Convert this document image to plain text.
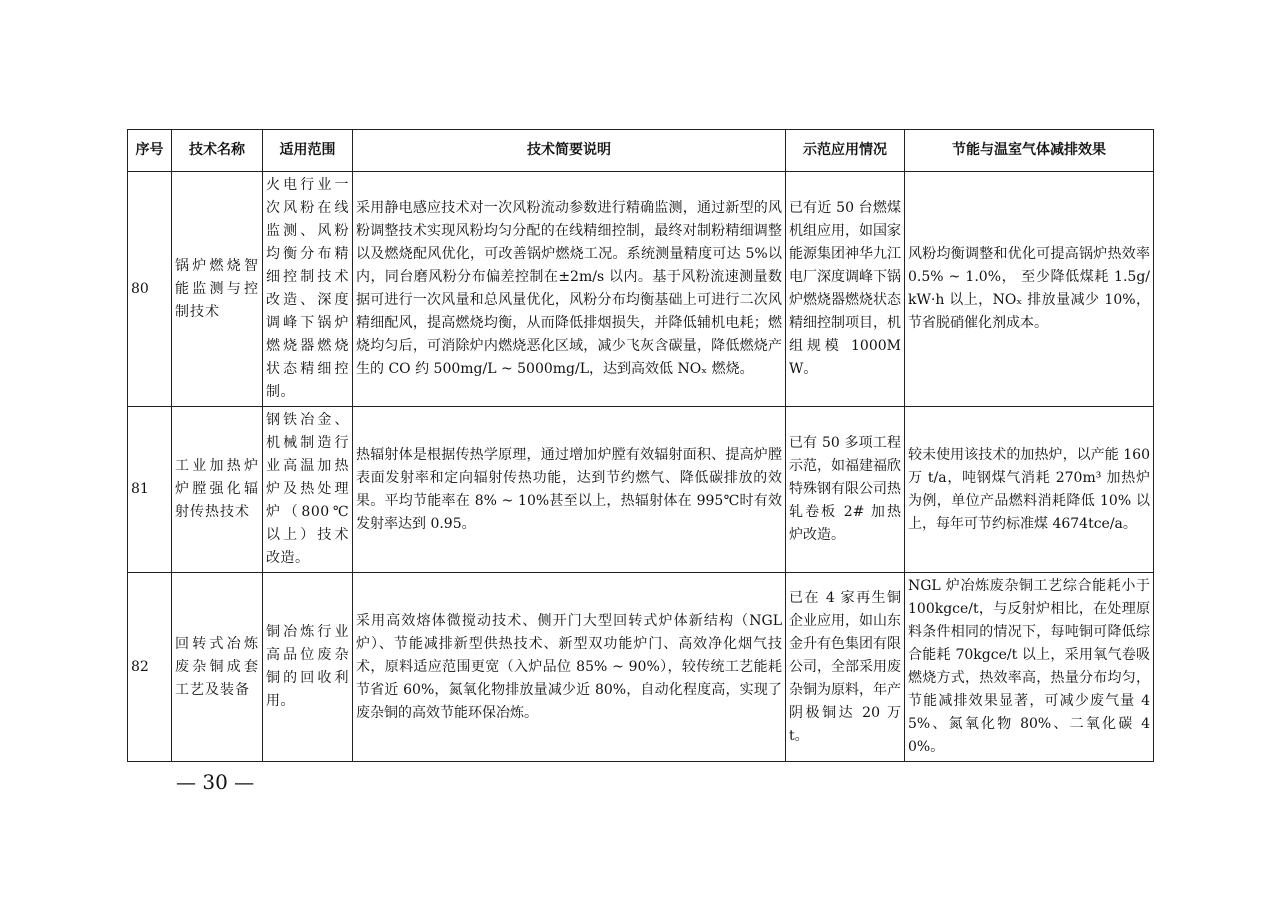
序号	技术名称	适用范围	技术简要说明	示范应用情况	节能与温室气体减排效果
80	锅炉燃烧智能监测与控制技术	火电行业一次风粉在线监测、风粉均衡分布精细控制技术改造、深度调峰下锅炉燃烧器燃烧状态精细控制。	采用静电感应技术对一次风粉流动参数进行精确监测，通过新型的风粉调整技术实现风粉均匀分配的在线精细控制，最终对制粉精细调整以及燃烧配风优化，可改善锅炉燃烧工况。系统测量精度可达 5%以内，同台磨风粉分布偏差控制在±2m/s 以内。基于风粉流速测量数据可进行一次风量和总风量优化，风粉分布均衡基础上可进行二次风精细配风，提高燃烧均衡，从而降低排烟损失，并降低辅机电耗；燃烧均匀后，可消除炉内燃烧恶化区域，减少飞灰含碳量，降低燃烧产生的 CO 约 500mg/L ~ 5000mg/L，达到高效低 NOₓ 燃烧。	已有近 50 台燃煤机组应用，如国家能源集团神华九江电厂深度调峰下锅炉燃烧器燃烧状态精细控制项目，机组规模 1000MW。	风粉均衡调整和优化可提高锅炉热效率 0.5% ~ 1.0%， 至少降低煤耗 1.5g/kW·h 以上，NOₓ 排放量减少 10%，节省脱硝催化剂成本。
81	工业加热炉炉膛强化辐射传热技术	钢铁冶金、机械制造行业高温加热炉及热处理炉（800℃以上）技术改造。	热辐射体是根据传热学原理，通过增加炉膛有效辐射面积、提高炉膛表面发射率和定向辐射传热功能，达到节约燃气、降低碳排放的效果。平均节能率在 8% ~ 10%甚至以上，热辐射体在 995℃时有效发射率达到 0.95。	已有 50 多项工程示范，如福建福欣特殊钢有限公司热轧卷板 2# 加热炉改造。	较未使用该技术的加热炉，以产能 160 万 t/a，吨钢煤气消耗 270m³ 加热炉为例，单位产品燃料消耗降低 10% 以上，每年可节约标准煤 4674tce/a。
82	回转式冶炼废杂铜成套工艺及装备	铜冶炼行业高品位废杂铜的回收利用。	采用高效熔体微搅动技术、侧开门大型回转式炉体新结构（NGL 炉）、节能减排新型供热技术、新型双功能炉门、高效净化烟气技术，原料适应范围更宽（入炉品位 85% ~ 90%），较传统工艺能耗节省近 60%，氮氧化物排放量减少近 80%，自动化程度高，实现了废杂铜的高效节能环保冶炼。	已在 4 家再生铜企业应用，如山东金升有色集团有限公司，全部采用废杂铜为原料，年产阴极铜达 20 万 t。	NGL 炉冶炼废杂铜工艺综合能耗小于 100kgce/t，与反射炉相比，在处理原料条件相同的情况下，每吨铜可降低综合能耗 70kgce/t 以上，采用氧气卷吸燃烧方式，热效率高，热量分布均匀，节能减排效果显著，可减少废气量 45%、氮氧化物 80%、二氧化碳 40%。
— 30 —
